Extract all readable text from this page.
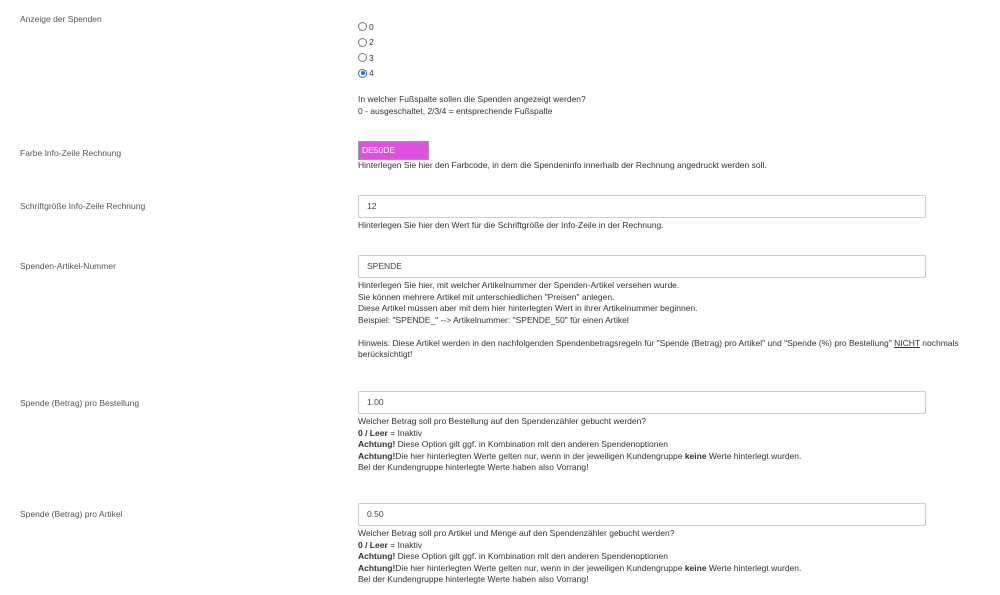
Anzeige der Spenden
0
2
3
4

In welcher Fußspalte sollen die Spenden angezeigt werden?

0 - ausgeschaltet, 2/3/4 = entsprechende Fußspalte

Farbe Info-Zeile Rechnung	DE50DE

Hinterlegen Sie hier den Farbcode, in dem die Spendeninfo innerhalb der Rechnung angedruckt werden soll.

Schriftgröße Info-Zeile Rechnung	12

Hinterlegen Sie hier den Wert für die Schriftgröße der Info-Zeile in der Rechnung.

Spenden-Artikel-Nummer	SPENDE

Hinterlegen Sie hier, mit welcher Artikelnummer der Spenden-Artikel versehen wurde.

Sie können mehrere Artikel mit unterschiedlichen "Preisen" anlegen.

Diese Artikel müssen aber mit dem hier hinterlegten Wert in ihrer Artikelnummer beginnen.

Beispiel: "SPENDE_" --> Artikelnummer: "SPENDE_50" für einen Artikel

Hinweis: Diese Artikel werden in den nachfolgenden Spendenbetragsregeln für "Spende (Betrag) pro Artikel" und "Spende (%) pro Bestellung" NICHT nochmals berücksichtigt!

Spende (Betrag) pro Bestellung	1.00

Welcher Betrag soll pro Bestellung auf den Spendenzähler gebucht werden?

0 / Leer = Inaktiv

Achtung! Diese Option gilt ggf. in Kombination mit den anderen Spendenoptionen

Achtung!Die hier hinterlegten Werte gelten nur, wenn in der jeweiligen Kundengruppe keine Werte hinterlegt wurden.

Bei der Kundengruppe hinterlegte Werte haben also Vorrang!

Spende (Betrag) pro Artikel	0.50

Welcher Betrag soll pro Artikel und Menge auf den Spendenzähler gebucht werden?

0 / Leer = Inaktiv

Achtung! Diese Option gilt ggf. in Kombination mit den anderen Spendenoptionen

Achtung!Die hier hinterlegten Werte gelten nur, wenn in der jeweiligen Kundengruppe keine Werte hinterlegt wurden.

Bei der Kundengruppe hinterlegte Werte haben also Vorrang!
